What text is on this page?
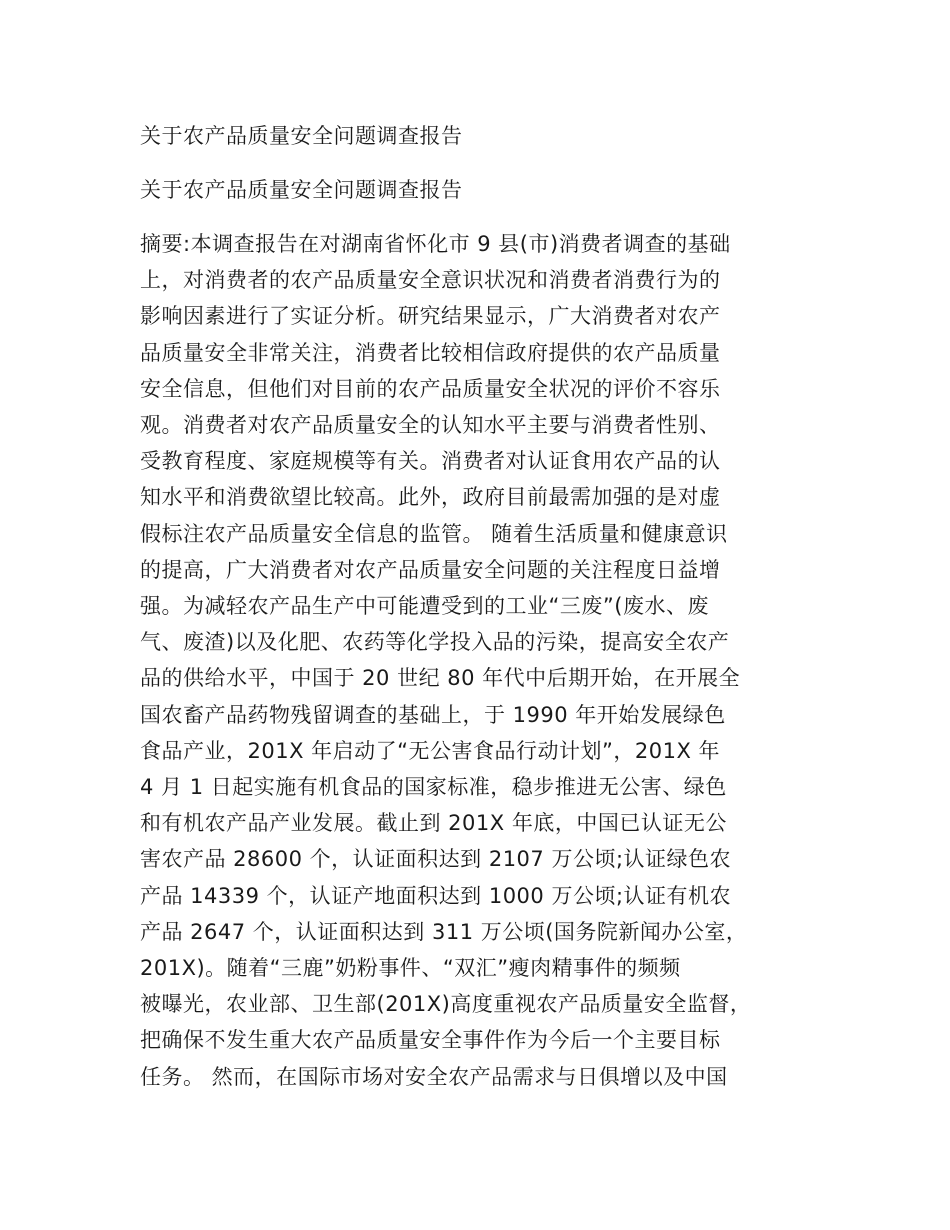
关于农产品质量安全问题调查报告
关于农产品质量安全问题调查报告
摘要:本调查报告在对湖南省怀化市 9 县(市)消费者调查的基础
上，对消费者的农产品质量安全意识状况和消费者消费行为的
影响因素进行了实证分析。研究结果显示，广大消费者对农产
品质量安全非常关注，消费者比较相信政府提供的农产品质量
安全信息，但他们对目前的农产品质量安全状况的评价不容乐
观。消费者对农产品质量安全的认知水平主要与消费者性别、
受教育程度、家庭规模等有关。消费者对认证食用农产品的认
知水平和消费欲望比较高。此外，政府目前最需加强的是对虚
假标注农产品质量安全信息的监管。 随着生活质量和健康意识
的提高，广大消费者对农产品质量安全问题的关注程度日益增
强。为减轻农产品生产中可能遭受到的工业“三废”(废水、废
气、废渣)以及化肥、农药等化学投入品的污染，提高安全农产
品的供给水平，中国于 20 世纪 80 年代中后期开始，在开展全
国农畜产品药物残留调查的基础上，于 1990 年开始发展绿色
食品产业，201X 年启动了“无公害食品行动计划”，201X 年
4 月 1 日起实施有机食品的国家标准，稳步推进无公害、绿色
和有机农产品产业发展。截止到 201X 年底，中国已认证无公
害农产品 28600 个，认证面积达到 2107 万公顷;认证绿色农
产品 14339 个，认证产地面积达到 1000 万公顷;认证有机农
产品 2647 个，认证面积达到 311 万公顷(国务院新闻办公室，
201X)。随着“三鹿”奶粉事件、“双汇”瘦肉精事件的频频
被曝光，农业部、卫生部(201X)高度重视农产品质量安全监督，
把确保不发生重大农产品质量安全事件作为今后一个主要目标
任务。 然而，在国际市场对安全农产品需求与日俱增以及中国
